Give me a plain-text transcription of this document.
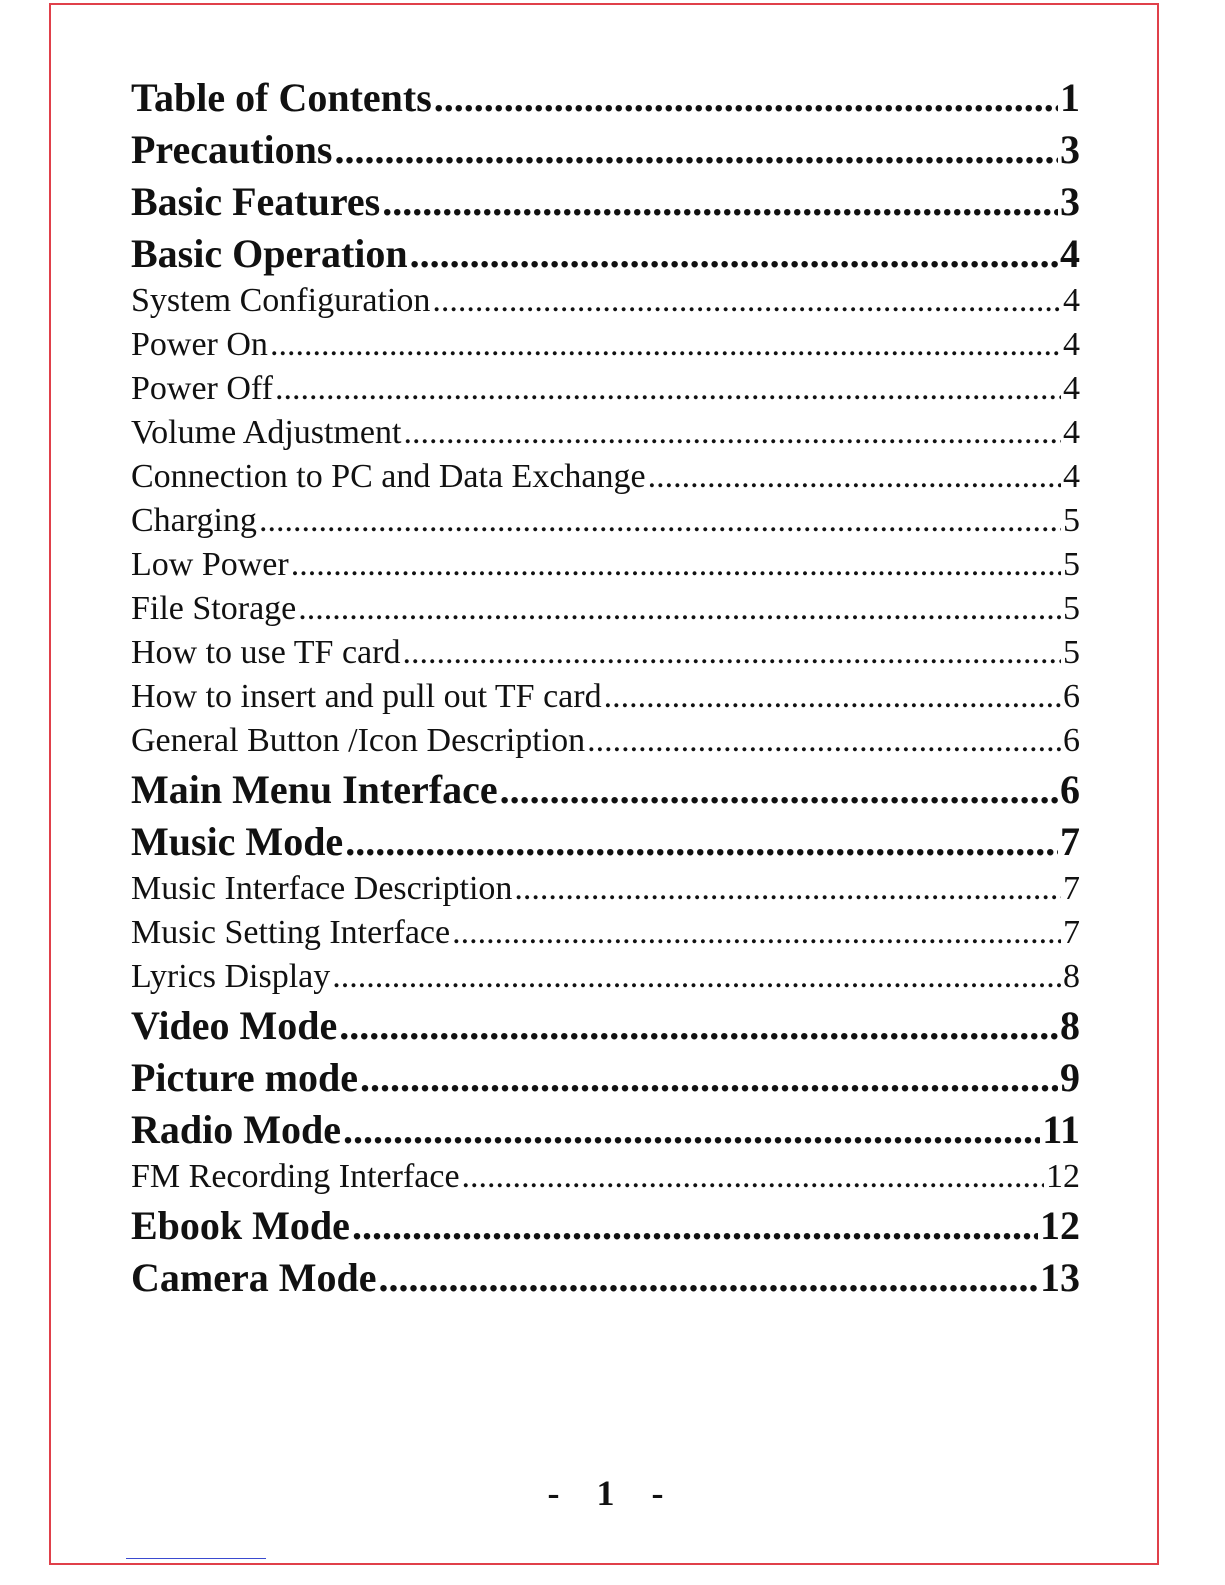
Table of Contents .....	1
Precautions .....	3
Basic Features .....	3
Basic Operation .....	4
System Configuration .....	4
Power On .....	4
Power Off .....	4
Volume Adjustment .....	4
Connection to PC and Data Exchange .....	4
Charging .....	5
Low Power .....	5
File Storage .....	5
How to use TF card .....	5
How to insert and pull out TF card .....	6
General Button /Icon Description .....	6
Main Menu Interface .....	6
Music Mode .....	7
Music Interface Description .....	7
Music Setting Interface .....	7
Lyrics Display .....	8
Video Mode .....	8
Picture mode .....	9
Radio Mode .....	11
FM Recording Interface .....	12
Ebook Mode .....	12
Camera Mode .....	13
- 1 -
